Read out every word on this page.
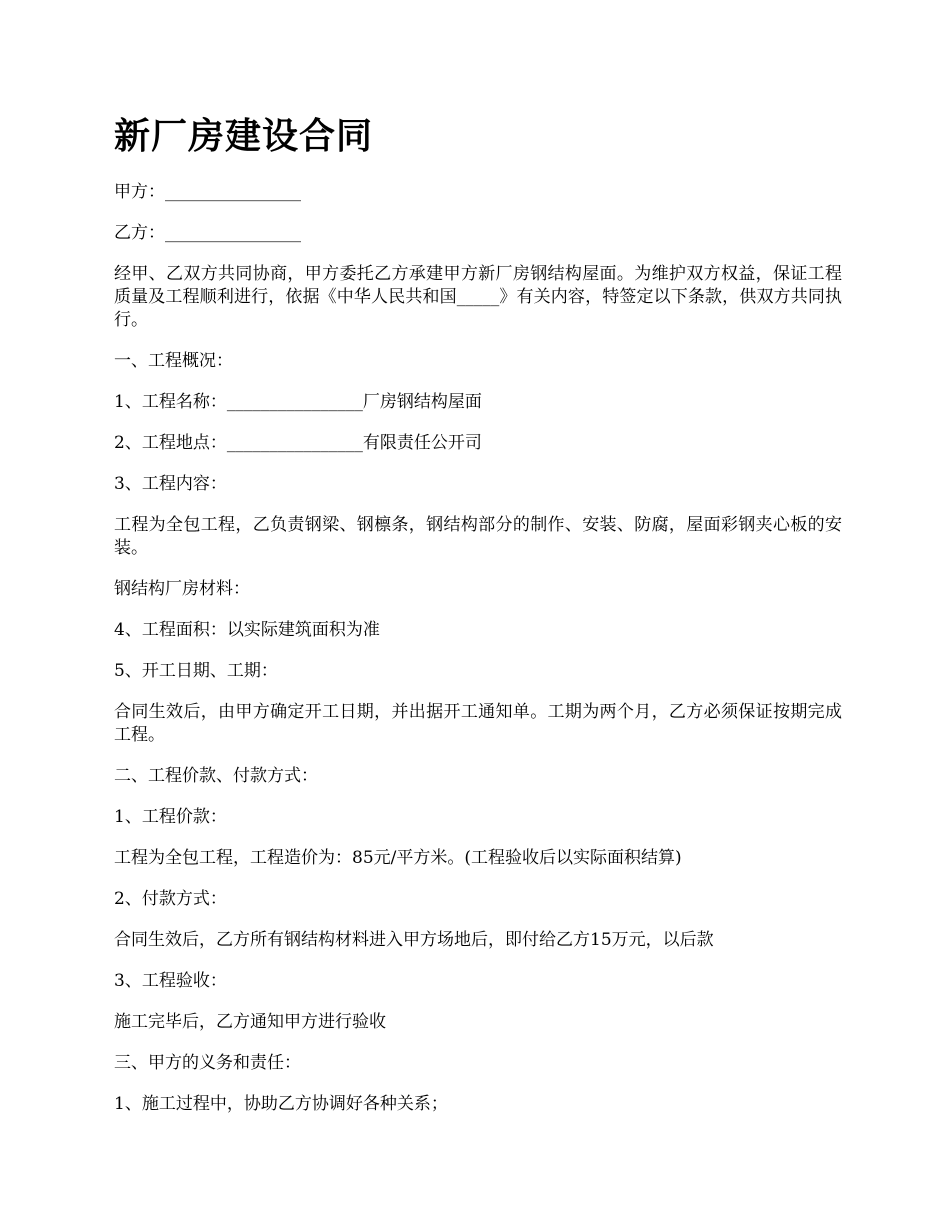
新厂房建设合同

甲方：________________

乙方：________________

经甲、乙双方共同协商，甲方委托乙方承建甲方新厂房钢结构屋面。为维护双方权益，保证工程质量及工程顺利进行，依据《中华人民共和国_____》有关内容，特签定以下条款，供双方共同执行。

一、工程概况：

1、工程名称：________________厂房钢结构屋面

2、工程地点：________________有限责任公开司

3、工程内容：

工程为全包工程，乙负责钢梁、钢檩条，钢结构部分的制作、安装、防腐，屋面彩钢夹心板的安装。

钢结构厂房材料：

4、工程面积：以实际建筑面积为准

5、开工日期、工期：

合同生效后，由甲方确定开工日期，并出据开工通知单。工期为两个月，乙方必须保证按期完成工程。

二、工程价款、付款方式：

1、工程价款：

工程为全包工程，工程造价为：85元/平方米。(工程验收后以实际面积结算)

2、付款方式：

合同生效后，乙方所有钢结构材料进入甲方场地后，即付给乙方15万元，以后款

3、工程验收：

施工完毕后，乙方通知甲方进行验收

三、甲方的义务和责任：

1、施工过程中，协助乙方协调好各种关系；
